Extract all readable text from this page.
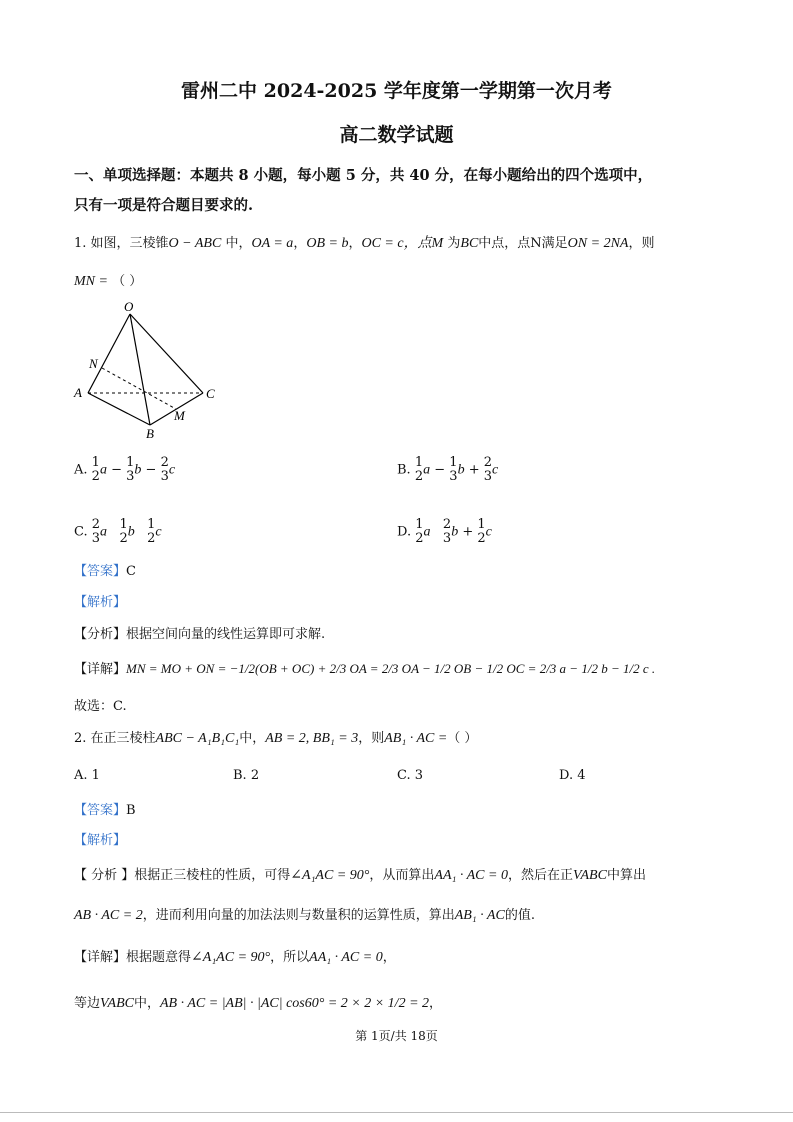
雷州二中 2024-2025 学年度第一学期第一次月考
高二数学试题
一、单项选择题：本题共 8 小题，每小题 5 分，共 40 分，在每小题给出的四个选项中，
只有一项是符合题目要求的.
1. 如图，三棱锥O − ABC 中，OA = a，OB = b，OC = c，点M 为BC中点，点N满足ON = 2NA，则
MN = （ ）
O
A
B
C
M
N
A. 1
2 a − 1
3 b − 2
3 c	B. 1
2 a − 1
3 b + 2
3 c
C. 2
3 a 1
2 b 1
2 c	D. 1
2 a 2
3 b + 1
2 c
【答案】C
【解析】
【分析】根据空间向量的线性运算即可求解.
【详解】MN = MO + ON = −1/2(OB + OC) + 2/3 OA = 2/3 OA − 1/2 OB − 1/2 OC = 2/3 a − 1/2 b − 1/2 c .
故选：C.
2. 在正三棱柱ABC − A₁B₁C₁中，AB = 2, BB₁ = 3，则AB₁ · AC =（ ）
A. 1	B. 2	C. 3	D. 4
【答案】B
【解析】
【 分析 】根据正三棱柱的性质，可得∠A₁AC = 90°，从而算出AA₁ · AC = 0，然后在正VABC中算出
AB · AC = 2，进而利用向量的加法法则与数量积的运算性质，算出AB₁ · AC的值.
【详解】根据题意得∠A₁AC = 90°，所以AA₁ · AC = 0，
等边VABC中，AB · AC = |AB| · |AC| cos60° = 2 × 2 × 1/2 = 2，
第 1页/共 18页
